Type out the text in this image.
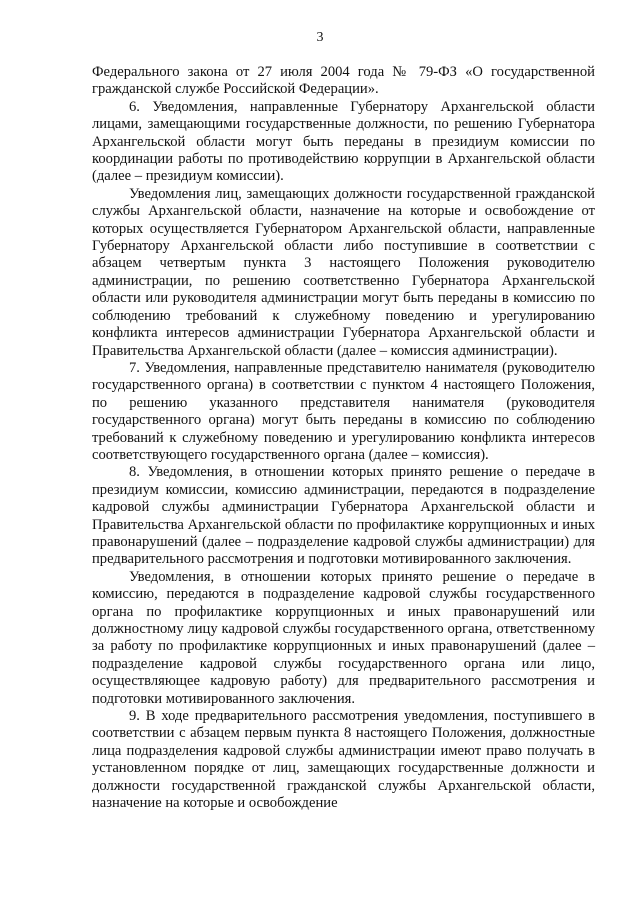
3

Федерального закона от 27 июля 2004 года № 79-ФЗ «О государственной гражданской службе Российской Федерации».

6. Уведомления, направленные Губернатору Архангельской области лицами, замещающими государственные должности, по решению Губернатора Архангельской области могут быть переданы в президиум комиссии по координации работы по противодействию коррупции в Архангельской области (далее – президиум комиссии).

Уведомления лиц, замещающих должности государственной гражданской службы Архангельской области, назначение на которые и освобождение от которых осуществляется Губернатором Архангельской области, направленные Губернатору Архангельской области либо поступившие в соответствии с абзацем четвертым пункта 3 настоящего Положения руководителю администрации, по решению соответственно Губернатора Архангельской области или руководителя администрации могут быть переданы в комиссию по соблюдению требований к служебному поведению и урегулированию конфликта интересов администрации Губернатора Архангельской области и Правительства Архангельской области (далее – комиссия администрации).

7. Уведомления, направленные представителю нанимателя (руководителю государственного органа) в соответствии с пунктом 4 настоящего Положения, по решению указанного представителя нанимателя (руководителя государственного органа) могут быть переданы в комиссию по соблюдению требований к служебному поведению и урегулированию конфликта интересов соответствующего государственного органа (далее – комиссия).

8. Уведомления, в отношении которых принято решение о передаче в президиум комиссии, комиссию администрации, передаются в подразделение кадровой службы администрации Губернатора Архангельской области и Правительства Архангельской области по профилактике коррупционных и иных правонарушений (далее – подразделение кадровой службы администрации) для предварительного рассмотрения и подготовки мотивированного заключения.

Уведомления, в отношении которых принято решение о передаче в комиссию, передаются в подразделение кадровой службы государственного органа по профилактике коррупционных и иных правонарушений или должностному лицу кадровой службы государственного органа, ответственному за работу по профилактике коррупционных и иных правонарушений (далее – подразделение кадровой службы государственного органа или лицо, осуществляющее кадровую работу) для предварительного рассмотрения и подготовки мотивированного заключения.

9. В ходе предварительного рассмотрения уведомления, поступившего в соответствии с абзацем первым пункта 8 настоящего Положения, должностные лица подразделения кадровой службы администрации имеют право получать в установленном порядке от лиц, замещающих государственные должности и должности государственной гражданской службы Архангельской области, назначение на которые и освобождение
